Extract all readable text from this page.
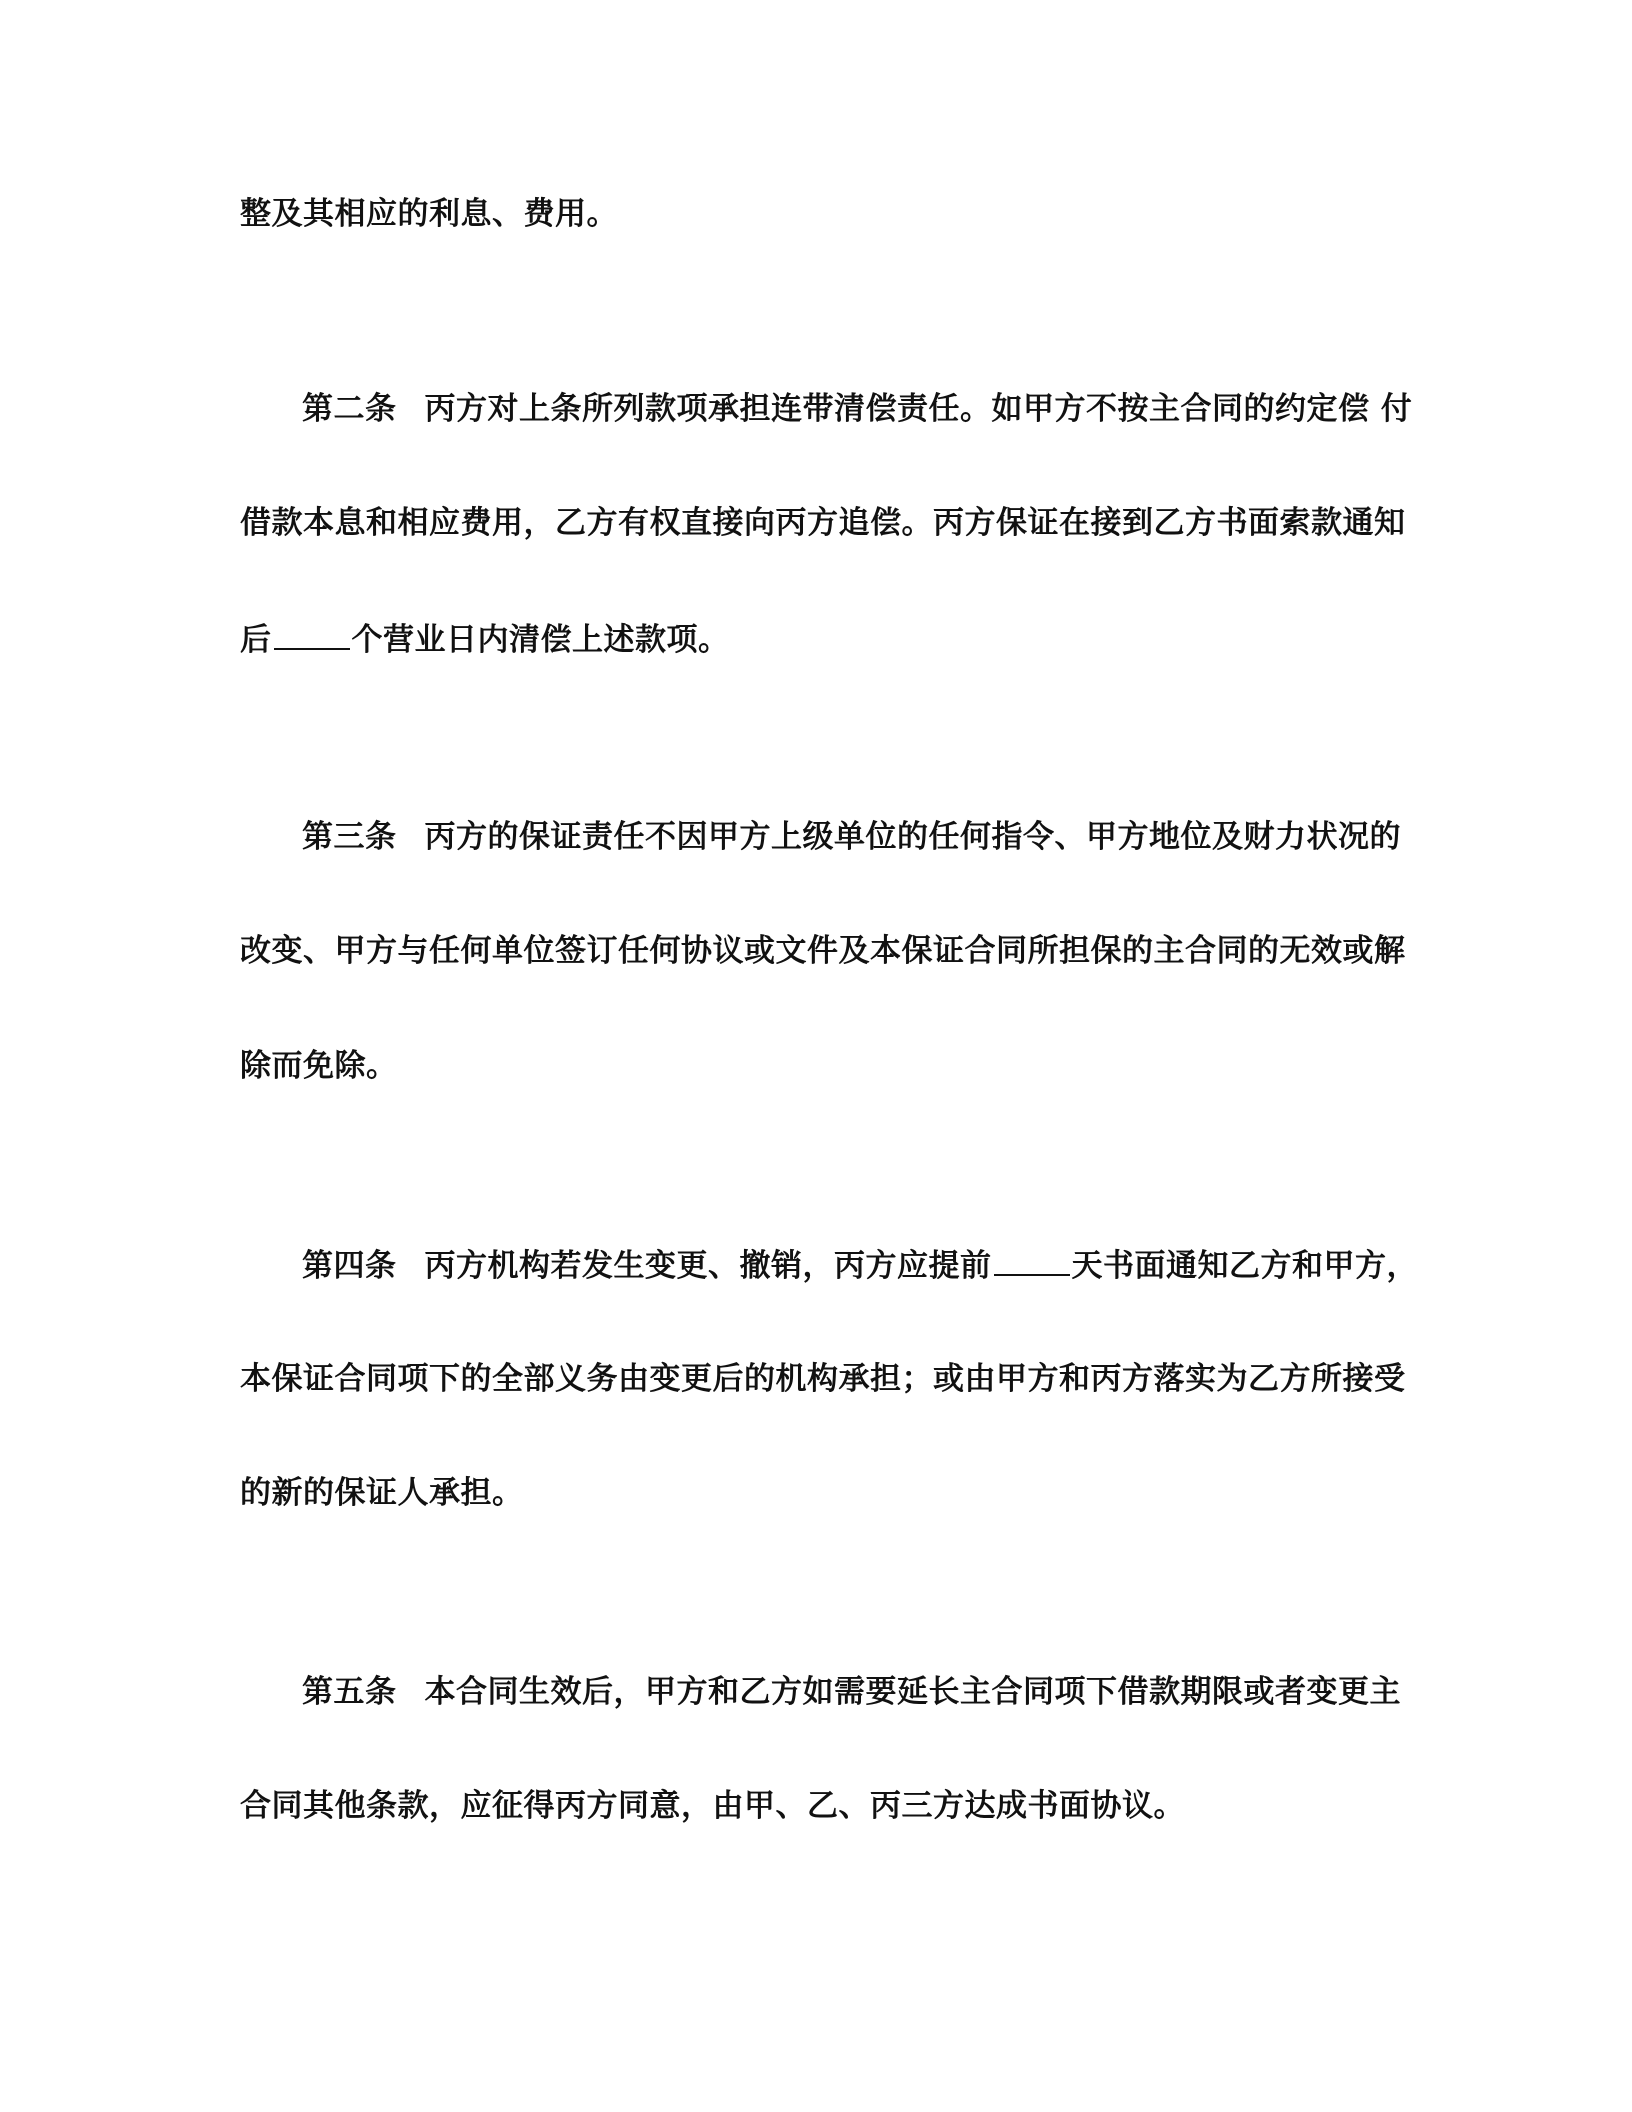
整及其相应的利息、费用。
第二条 丙方对上条所列款项承担连带清偿责任。如甲方不按主合同的约定偿 付
借款本息和相应费用，乙方有权直接向丙方追偿。丙方保证在接到乙方书面索款通知
后	个营业日内清偿上述款项。
第三条 丙方的保证责任不因甲方上级单位的任何指令、甲方地位及财力状况的
改变、甲方与任何单位签订任何协议或文件及本保证合同所担保的主合同的无效或解
除而免除。
第四条 丙方机构若发生变更、撤销，丙方应提前	天书面通知乙方和甲方，
本保证合同项下的全部义务由变更后的机构承担；或由甲方和丙方落实为乙方所接受
的新的保证人承担。
第五条 本合同生效后，甲方和乙方如需要延长主合同项下借款期限或者变更主
合同其他条款，应征得丙方同意，由甲、乙、丙三方达成书面协议。
